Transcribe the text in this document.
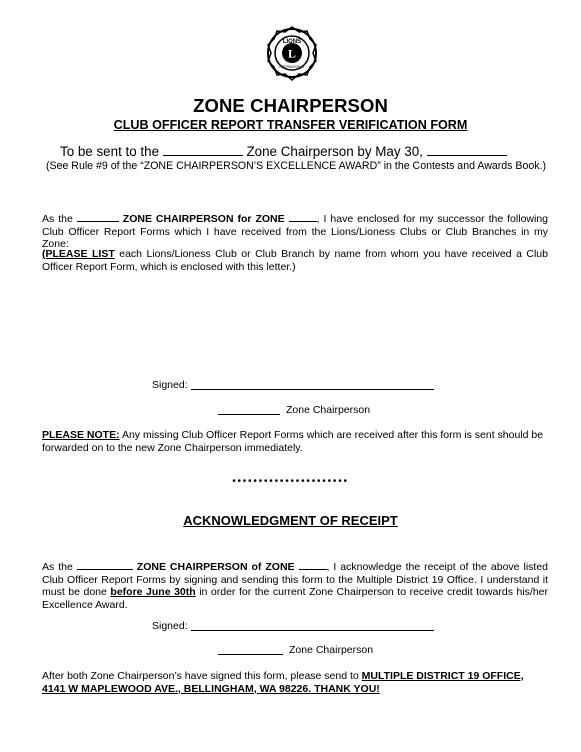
L
LIONS
INTERNATIONAL
ZONE CHAIRPERSON
CLUB OFFICER REPORT TRANSFER VERIFICATION FORM
To be sent to the	Zone Chairperson by May 30,
(See Rule #9 of the “ZONE CHAIRPERSON’S EXCELLENCE AWARD” in the Contests and Awards Book.)
As the	ZONE CHAIRPERSON for ZONE	, I have enclosed for my successor the following Club Officer Report Forms which I have received from the Lions/Lioness Clubs or Club Branches in my Zone:
(PLEASE LIST each Lions/Lioness Club or Club Branch by name from whom you have received a Club Officer Report Form, which is enclosed with this letter.)
Signed:
Zone Chairperson
PLEASE NOTE: Any missing Club Officer Report Forms which are received after this form is sent should be forwarded on to the new Zone Chairperson immediately.
••••••••••••••••••••••
ACKNOWLEDGMENT OF RECEIPT
As the	ZONE CHAIRPERSON of ZONE	, I acknowledge the receipt of the above listed Club Officer Report Forms by signing and sending this form to the Multiple District 19 Office. I understand it must be done before June 30th in order for the current Zone Chairperson to receive credit towards his/her Excellence Award.
Signed:
Zone Chairperson
After both Zone Chairperson’s have signed this form, please send to MULTIPLE DISTRICT 19 OFFICE, 4141 W MAPLEWOOD AVE., BELLINGHAM, WA 98226. THANK YOU!
